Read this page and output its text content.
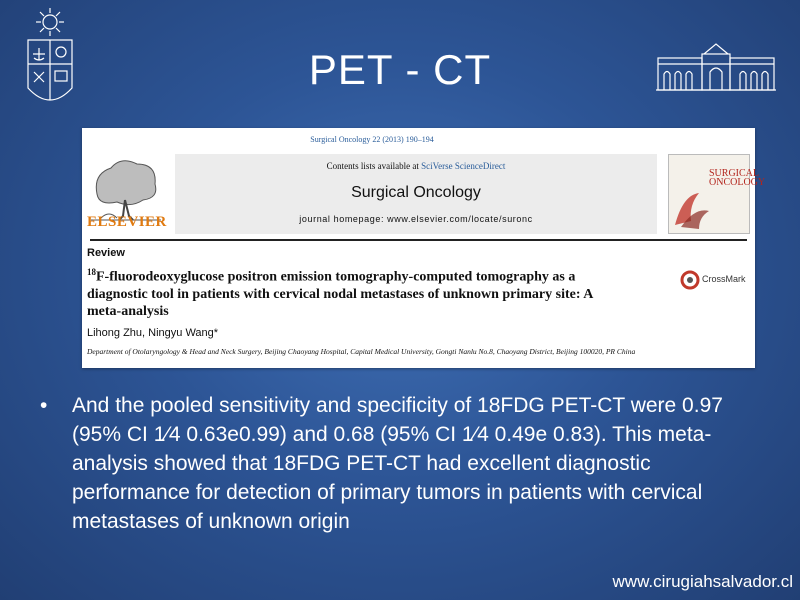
PET - CT
Surgical Oncology 22 (2013) 190–194
ELSEVIER
Contents lists available at SciVerse ScienceDirect
Surgical Oncology
journal homepage: www.elsevier.com/locate/suronc
SURGICAL ONCOLOGY
Review
$^{18}$F-fluorodeoxyglucose positron emission tomography-computed tomography as a diagnostic tool in patients with cervical nodal metastases of unknown primary site: A meta-analysis
CrossMark
Lihong Zhu, Ningyu Wang*
Department of Otolaryngology & Head and Neck Surgery, Beijing Chaoyang Hospital, Capital Medical University, Gongti Nanlu No.8, Chaoyang District, Beijing 100020, PR China
• And the pooled sensitivity and specificity of 18FDG PET-CT were 0.97 (95% CI 1⁄4 0.63e0.99) and 0.68 (95% CI 1⁄4 0.49e 0.83). This meta-analysis showed that 18FDG PET-CT had excellent diagnostic performance for detection of primary tumors in patients with cervical metastases of unknown origin
www.cirugiahsalvador.cl
